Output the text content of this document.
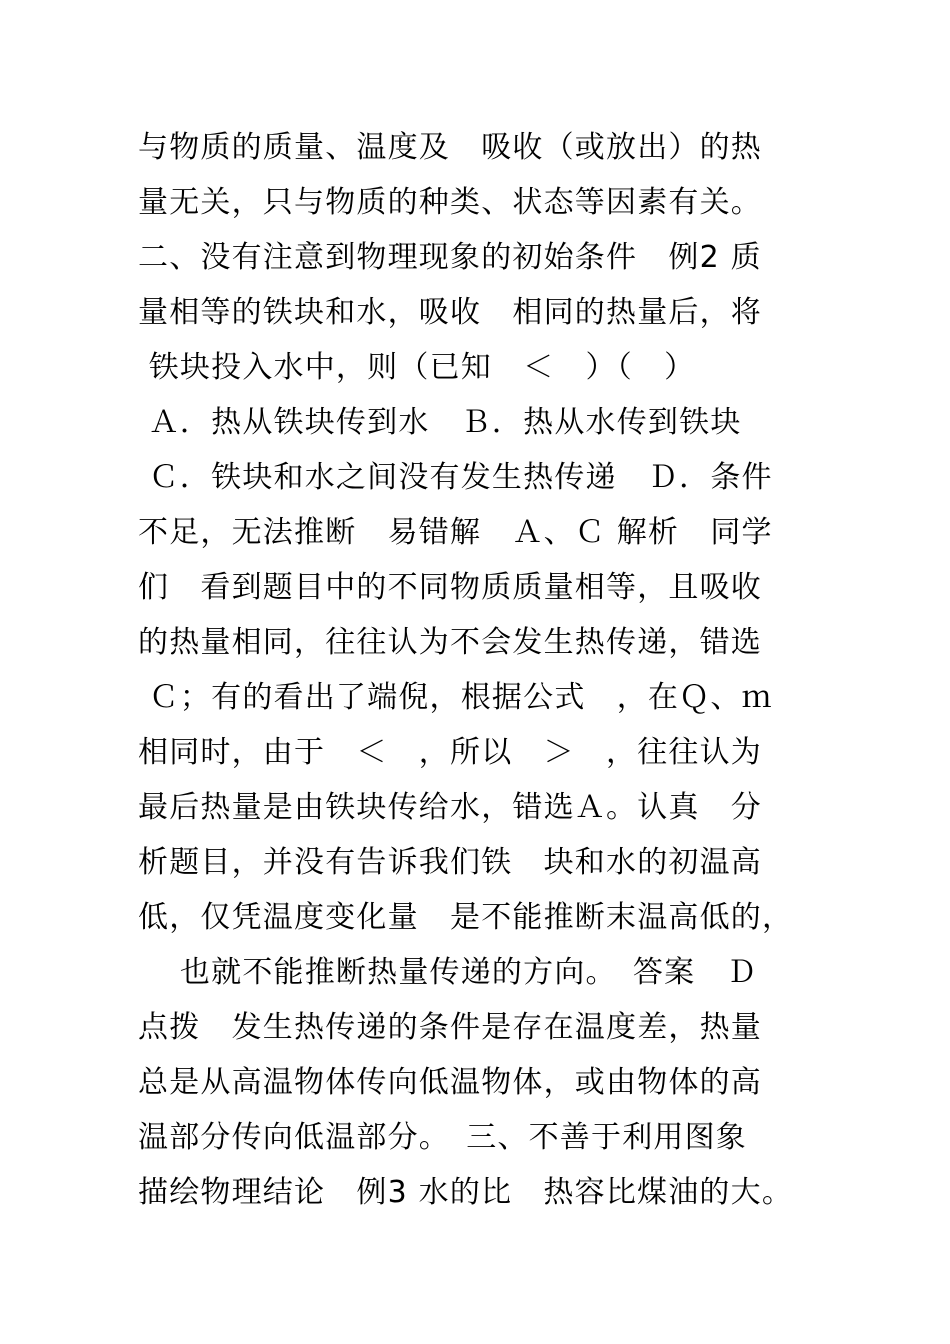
与物质的质量、温度及　吸收（或放出）的热
量无关，只与物质的种类、状态等因素有关。
二、没有注意到物理现象的初始条件　例2 质
量相等的铁块和水，吸收　相同的热量后，将
铁块投入水中，则（已知　＜　）（　）
Ａ．热从铁块传到水　Ｂ．热从水传到铁块
Ｃ．铁块和水之间没有发生热传递　Ｄ．条件
不足，无法推断　易错解　Ａ、Ｃ 解析　同学
们　看到题目中的不同物质质量相等，且吸收
的热量相同，往往认为不会发生热传递，错选
Ｃ；有的看出了端倪，根据公式　，在Ｑ、ｍ
相同时，由于　＜　，所以　＞　，往往认为
最后热量是由铁块传给水，错选Ａ。认真　分
析题目，并没有告诉我们铁　块和水的初温高
低，仅凭温度变化量　是不能推断末温高低的，
　也就不能推断热量传递的方向。　答案　Ｄ
点拨　发生热传递的条件是存在温度差，热量
总是从高温物体传向低温物体，或由物体的高
温部分传向低温部分。　三、不善于利用图象
描绘物理结论　例3 水的比　热容比煤油的大。
